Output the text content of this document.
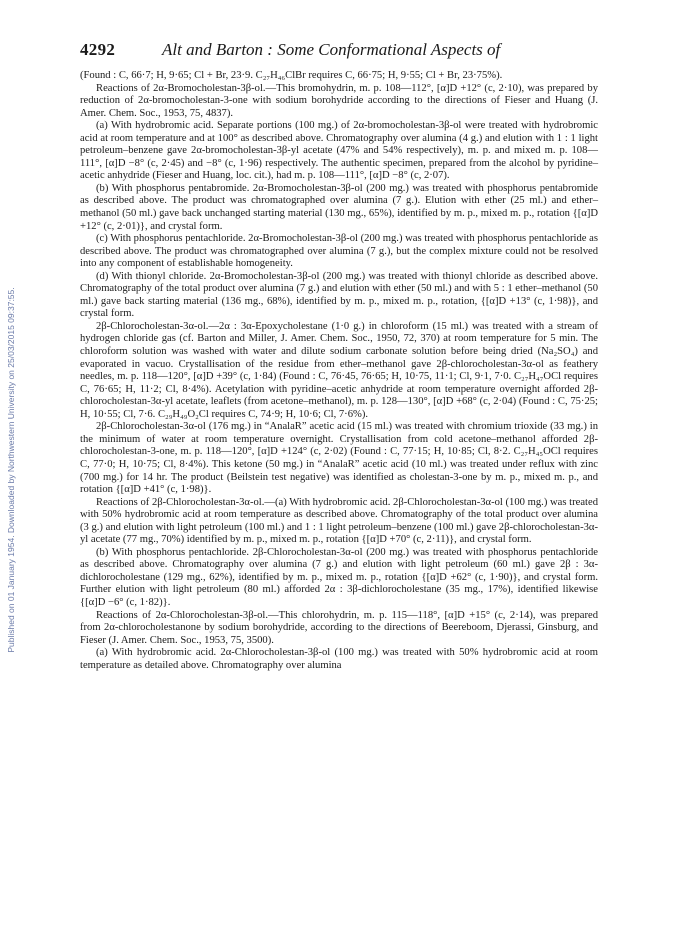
4292	Alt and Barton : Some Conformational Aspects of
Published on 01 January 1954. Downloaded by Northwestern University on 25/03/2015 09:37:55.

(Found : C, 66·7; H, 9·65; Cl + Br, 23·9. C₂₇H₄₆ClBr requires C, 66·75; H, 9·55; Cl + Br, 23·75%).

Reactions of 2α-Bromocholestan-3β-ol.—This bromohydrin, m. p. 108—112°, [α]D +12° (c, 2·10), was prepared by reduction of 2α-bromocholestan-3-one with sodium borohydride according to the directions of Fieser and Huang (J. Amer. Chem. Soc., 1953, 75, 4837).

(a) With hydrobromic acid. Separate portions (100 mg.) of 2α-bromocholestan-3β-ol were treated with hydrobromic acid at room temperature and at 100° as described above. Chromatography over alumina (4 g.) and elution with 1 : 1 light petroleum–benzene gave 2α-bromocholestan-3β-yl acetate (47% and 54% respectively), m. p. and mixed m. p. 108—111°, [α]D −8° (c, 2·45) and −8° (c, 1·96) respectively. The authentic specimen, prepared from the alcohol by pyridine–acetic anhydride (Fieser and Huang, loc. cit.), had m. p. 108—111°, [α]D −8° (c, 2·07).

(b) With phosphorus pentabromide. 2α-Bromocholestan-3β-ol (200 mg.) was treated with phosphorus pentabromide as described above. The product was chromatographed over alumina (7 g.). Elution with ether (25 ml.) and ether–methanol (50 ml.) gave back unchanged starting material (130 mg., 65%), identified by m. p., mixed m. p., rotation {[α]D +12° (c, 2·01)}, and crystal form.

(c) With phosphorus pentachloride. 2α-Bromocholestan-3β-ol (200 mg.) was treated with phosphorus pentachloride as described above. The product was chromatographed over alumina (7 g.), but the complex mixture could not be resolved into any component of establishable homogeneity.

(d) With thionyl chloride. 2α-Bromocholestan-3β-ol (200 mg.) was treated with thionyl chloride as described above. Chromatography of the total product over alumina (7 g.) and elution with ether (50 ml.) and with 5 : 1 ether–methanol (50 ml.) gave back starting material (136 mg., 68%), identified by m. p., mixed m. p., rotation, {[α]D +13° (c, 1·98)}, and crystal form.

2β-Chlorocholestan-3α-ol.—2α : 3α-Epoxycholestane (1·0 g.) in chloroform (15 ml.) was treated with a stream of hydrogen chloride gas (cf. Barton and Miller, J. Amer. Chem. Soc., 1950, 72, 370) at room temperature for 5 min. The chloroform solution was washed with water and dilute sodium carbonate solution before being dried (Na₂SO₄) and evaporated in vacuo. Crystallisation of the residue from ether–methanol gave 2β-chlorocholestan-3α-ol as feathery needles, m. p. 118—120°, [α]D +39° (c, 1·84) (Found : C, 76·45, 76·65; H, 10·75, 11·1; Cl, 9·1, 7·0. C₂₇H₄₇OCl requires C, 76·65; H, 11·2; Cl, 8·4%). Acetylation with pyridine–acetic anhydride at room temperature overnight afforded 2β-chlorocholestan-3α-yl acetate, leaflets (from acetone–methanol), m. p. 128—130°, [α]D +68° (c, 2·04) (Found : C, 75·25; H, 10·55; Cl, 7·6. C₂₉H₄₉O₂Cl requires C, 74·9; H, 10·6; Cl, 7·6%).

2β-Chlorocholestan-3α-ol (176 mg.) in “AnalaR” acetic acid (15 ml.) was treated with chromium trioxide (33 mg.) in the minimum of water at room temperature overnight. Crystallisation from cold acetone–methanol afforded 2β-chlorocholestan-3-one, m. p. 118—120°, [α]D +124° (c, 2·02) (Found : C, 77·15; H, 10·85; Cl, 8·2. C₂₇H₄₅OCl requires C, 77·0; H, 10·75; Cl, 8·4%). This ketone (50 mg.) in “AnalaR” acetic acid (10 ml.) was treated under reflux with zinc (700 mg.) for 14 hr. The product (Beilstein test negative) was identified as cholestan-3-one by m. p., mixed m. p., and rotation {[α]D +41° (c, 1·98)}.

Reactions of 2β-Chlorocholestan-3α-ol.—(a) With hydrobromic acid. 2β-Chlorocholestan-3α-ol (100 mg.) was treated with 50% hydrobromic acid at room temperature as described above. Chromatography of the total product over alumina (3 g.) and elution with light petroleum (100 ml.) and 1 : 1 light petroleum–benzene (100 ml.) gave 2β-chlorocholestan-3α-yl acetate (77 mg., 70%) identified by m. p., mixed m. p., rotation {[α]D +70° (c, 2·11)}, and crystal form.

(b) With phosphorus pentachloride. 2β-Chlorocholestan-3α-ol (200 mg.) was treated with phosphorus pentachloride as described above. Chromatography over alumina (7 g.) and elution with light petroleum (60 ml.) gave 2β : 3α-dichlorocholestane (129 mg., 62%), identified by m. p., mixed m. p., rotation {[α]D +62° (c, 1·90)}, and crystal form. Further elution with light petroleum (80 ml.) afforded 2α : 3β-dichlorocholestane (35 mg., 17%), identified likewise {[α]D −6° (c, 1·82)}.

Reactions of 2α-Chlorocholestan-3β-ol.—This chlorohydrin, m. p. 115—118°, [α]D +15° (c, 2·14), was prepared from 2α-chlorocholestanone by sodium borohydride, according to the directions of Beereboom, Djerassi, Ginsburg, and Fieser (J. Amer. Chem. Soc., 1953, 75, 3500).

(a) With hydrobromic acid. 2α-Chlorocholestan-3β-ol (100 mg.) was treated with 50% hydrobromic acid at room temperature as detailed above. Chromatography over alumina
